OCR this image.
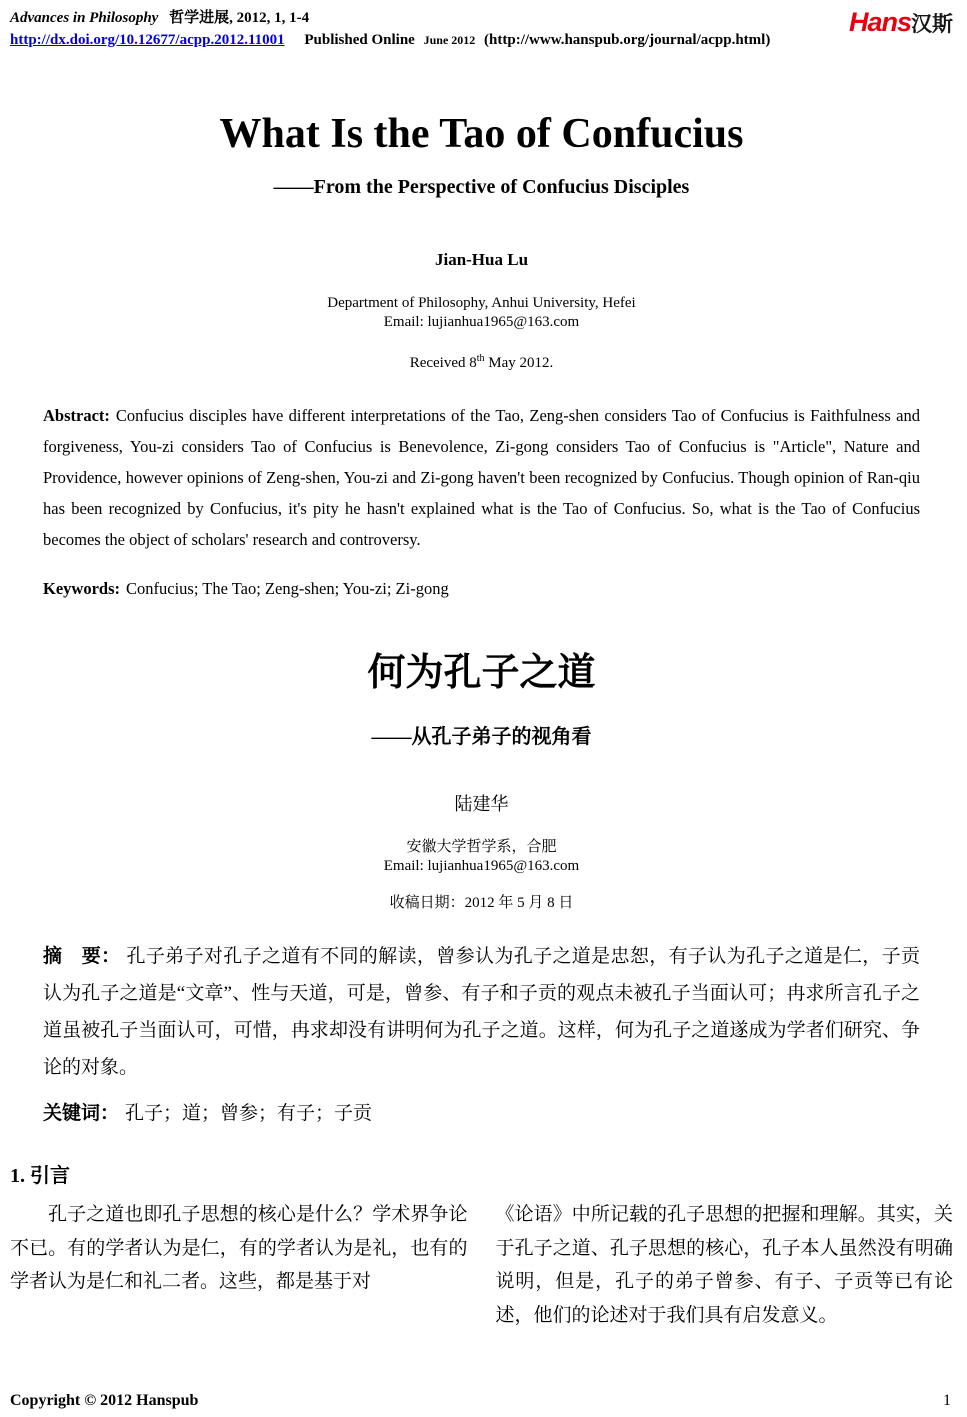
Advances in Philosophy 哲学进展, 2012, 1, 1-4
http://dx.doi.org/10.12677/acpp.2012.11001 Published Online June 2012 (http://www.hanspub.org/journal/acpp.html)
Hans汉斯
What Is the Tao of Confucius
——From the Perspective of Confucius Disciples
Jian-Hua Lu
Department of Philosophy, Anhui University, Hefei
Email: lujianhua1965@163.com
Received 8th May 2012.

Abstract: Confucius disciples have different interpretations of the Tao, Zeng-shen considers Tao of Confucius is Faithfulness and forgiveness, You-zi considers Tao of Confucius is Benevolence, Zi-gong considers Tao of Confucius is "Article", Nature and Providence, however opinions of Zeng-shen, You-zi and Zi-gong haven't been recognized by Confucius. Though opinion of Ran-qiu has been recognized by Confucius, it's pity he hasn't explained what is the Tao of Confucius. So, what is the Tao of Confucius becomes the object of scholars' research and controversy.

Keywords: Confucius; The Tao; Zeng-shen; You-zi; Zi-gong

何为孔子之道
——从孔子弟子的视角看
陆建华
安徽大学哲学系，合肥
Email: lujianhua1965@163.com
收稿日期：2012 年 5 月 8 日

摘　要： 孔子弟子对孔子之道有不同的解读，曾参认为孔子之道是忠恕，有子认为孔子之道是仁，子贡认为孔子之道是“文章”、性与天道，可是，曾参、有子和子贡的观点未被孔子当面认可；冉求所言孔子之道虽被孔子当面认可，可惜，冉求却没有讲明何为孔子之道。这样，何为孔子之道遂成为学者们研究、争论的对象。

关键词： 孔子；道；曾参；有子；子贡

1. 引言

孔子之道也即孔子思想的核心是什么？学术界争论不已。有的学者认为是仁，有的学者认为是礼，也有的学者认为是仁和礼二者。这些，都是基于对

《论语》中所记载的孔子思想的把握和理解。其实，关于孔子之道、孔子思想的核心，孔子本人虽然没有明确说明，但是，孔子的弟子曾参、有子、子贡等已有论述，他们的论述对于我们具有启发意义。

Copyright © 2012 Hanspub	1
